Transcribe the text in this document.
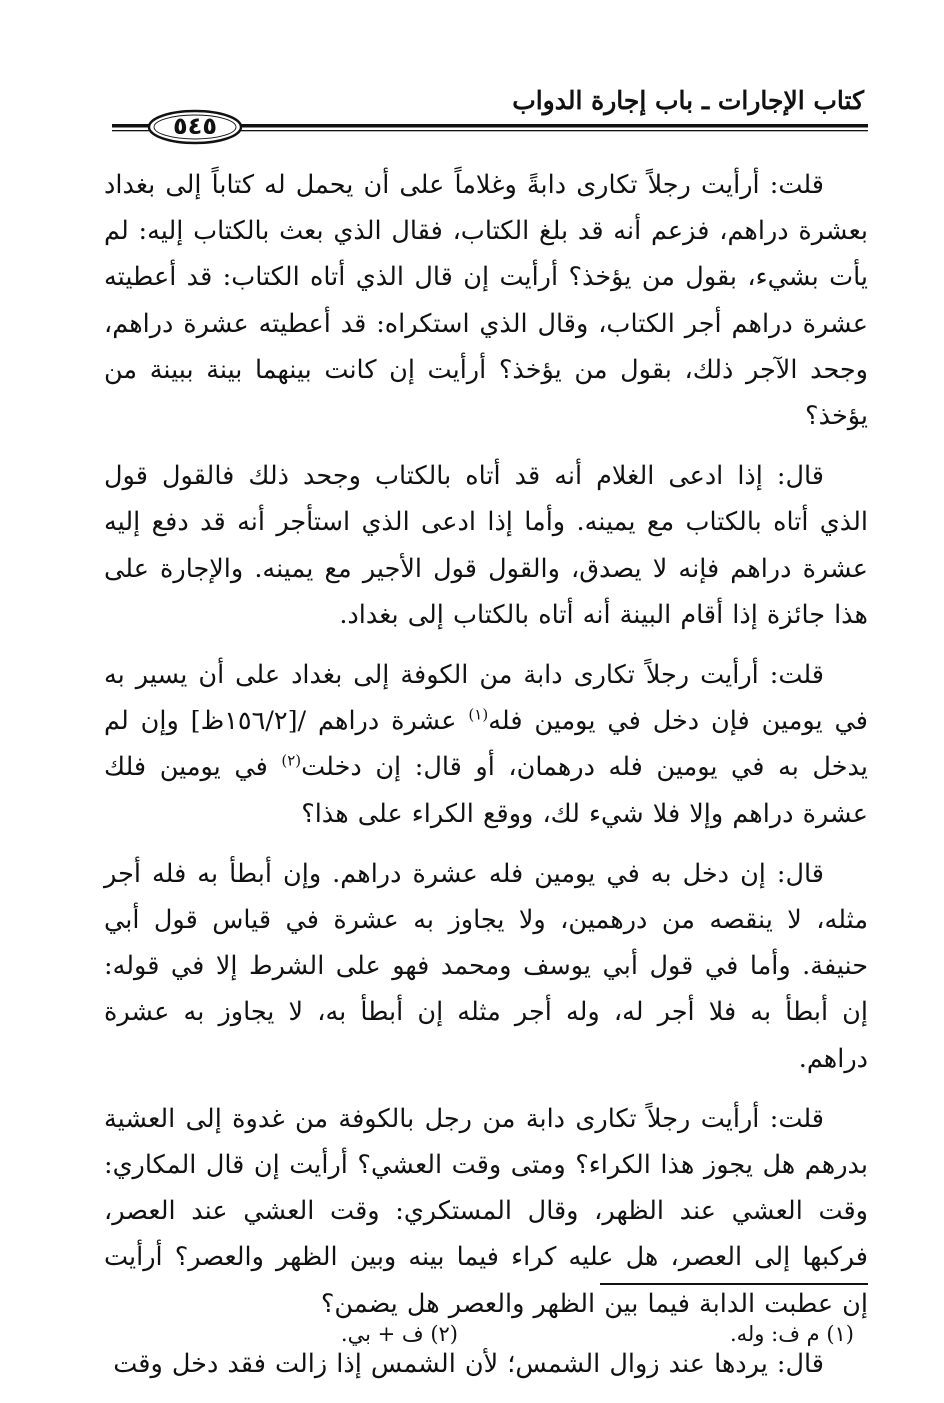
كتاب الإجارات ـ باب إجارة الدواب
٥٤٥

قلت: أرأيت رجلاً تكارى دابةً وغلاماً على أن يحمل له كتاباً إلى بغداد بعشرة دراهم، فزعم أنه قد بلغ الكتاب، فقال الذي بعث بالكتاب إليه: لم يأت بشيء، بقول من يؤخذ؟ أرأيت إن قال الذي أتاه الكتاب: قد أعطيته عشرة دراهم أجر الكتاب، وقال الذي استكراه: قد أعطيته عشرة دراهم، وجحد الآجر ذلك، بقول من يؤخذ؟ أرأيت إن كانت بينهما بينة ببينة من يؤخذ؟

قال: إذا ادعى الغلام أنه قد أتاه بالكتاب وجحد ذلك فالقول قول الذي أتاه بالكتاب مع يمينه. وأما إذا ادعى الذي استأجر أنه قد دفع إليه عشرة دراهم فإنه لا يصدق، والقول قول الأجير مع يمينه. والإجارة على هذا جائزة إذا أقام البينة أنه أتاه بالكتاب إلى بغداد.

قلت: أرأيت رجلاً تكارى دابة من الكوفة إلى بغداد على أن يسير به في يومين فإن دخل في يومين فله$^{(١)}$ عشرة دراهم /[١٥٦/٢ظ] وإن لم يدخل به في يومين فله درهمان، أو قال: إن دخلت$^{(٢)}$ في يومين فلك عشرة دراهم وإلا فلا شيء لك، ووقع الكراء على هذا؟

قال: إن دخل به في يومين فله عشرة دراهم. وإن أبطأ به فله أجر مثله، لا ينقصه من درهمين، ولا يجاوز به عشرة في قياس قول أبي حنيفة. وأما في قول أبي يوسف ومحمد فهو على الشرط إلا في قوله: إن أبطأ به فلا أجر له، وله أجر مثله إن أبطأ به، لا يجاوز به عشرة دراهم.

قلت: أرأيت رجلاً تكارى دابة من رجل بالكوفة من غدوة إلى العشية بدرهم هل يجوز هذا الكراء؟ ومتى وقت العشي؟ أرأيت إن قال المكاري: وقت العشي عند الظهر، وقال المستكري: وقت العشي عند العصر، فركبها إلى العصر، هل عليه كراء فيما بينه وبين الظهر والعصر؟ أرأيت إن عطبت الدابة فيما بين الظهر والعصر هل يضمن؟

قال: يردها عند زوال الشمس؛ لأن الشمس إذا زالت فقد دخل وقت

(١) م ف: وله.
(٢) ف + بي.
